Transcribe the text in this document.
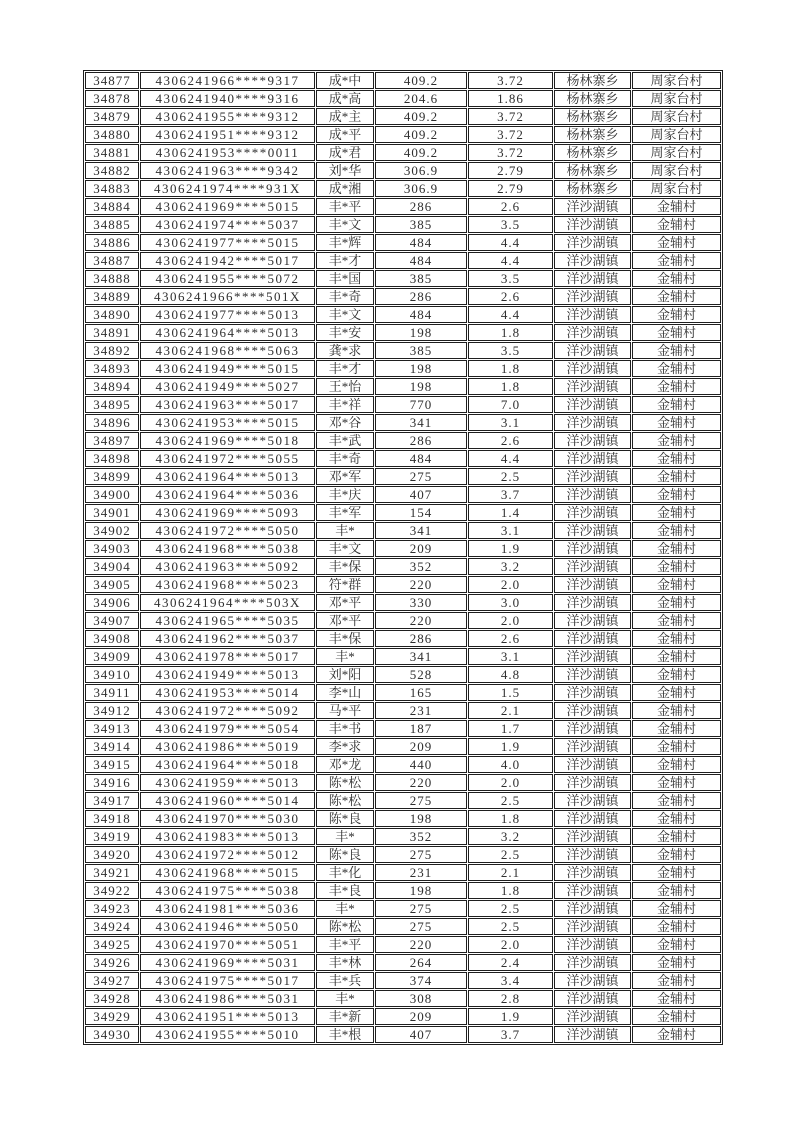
34877	4306241966****9317	成*中	409.2	3.72	杨林寨乡	周家台村
34878	4306241940****9316	成*高	204.6	1.86	杨林寨乡	周家台村
34879	4306241955****9312	成*主	409.2	3.72	杨林寨乡	周家台村
34880	4306241951****9312	成*平	409.2	3.72	杨林寨乡	周家台村
34881	4306241953****0011	成*君	409.2	3.72	杨林寨乡	周家台村
34882	4306241963****9342	刘*华	306.9	2.79	杨林寨乡	周家台村
34883	4306241974****931X	成*湘	306.9	2.79	杨林寨乡	周家台村
34884	4306241969****5015	丰*平	286	2.6	洋沙湖镇	金辅村
34885	4306241974****5037	丰*文	385	3.5	洋沙湖镇	金辅村
34886	4306241977****5015	丰*辉	484	4.4	洋沙湖镇	金辅村
34887	4306241942****5017	丰*才	484	4.4	洋沙湖镇	金辅村
34888	4306241955****5072	丰*国	385	3.5	洋沙湖镇	金辅村
34889	4306241966****501X	丰*奇	286	2.6	洋沙湖镇	金辅村
34890	4306241977****5013	丰*文	484	4.4	洋沙湖镇	金辅村
34891	4306241964****5013	丰*安	198	1.8	洋沙湖镇	金辅村
34892	4306241968****5063	龚*求	385	3.5	洋沙湖镇	金辅村
34893	4306241949****5015	丰*才	198	1.8	洋沙湖镇	金辅村
34894	4306241949****5027	王*怡	198	1.8	洋沙湖镇	金辅村
34895	4306241963****5017	丰*祥	770	7.0	洋沙湖镇	金辅村
34896	4306241953****5015	邓*谷	341	3.1	洋沙湖镇	金辅村
34897	4306241969****5018	丰*武	286	2.6	洋沙湖镇	金辅村
34898	4306241972****5055	丰*奇	484	4.4	洋沙湖镇	金辅村
34899	4306241964****5013	邓*军	275	2.5	洋沙湖镇	金辅村
34900	4306241964****5036	丰*庆	407	3.7	洋沙湖镇	金辅村
34901	4306241969****5093	丰*军	154	1.4	洋沙湖镇	金辅村
34902	4306241972****5050	丰*	341	3.1	洋沙湖镇	金辅村
34903	4306241968****5038	丰*文	209	1.9	洋沙湖镇	金辅村
34904	4306241963****5092	丰*保	352	3.2	洋沙湖镇	金辅村
34905	4306241968****5023	符*群	220	2.0	洋沙湖镇	金辅村
34906	4306241964****503X	邓*平	330	3.0	洋沙湖镇	金辅村
34907	4306241965****5035	邓*平	220	2.0	洋沙湖镇	金辅村
34908	4306241962****5037	丰*保	286	2.6	洋沙湖镇	金辅村
34909	4306241978****5017	丰*	341	3.1	洋沙湖镇	金辅村
34910	4306241949****5013	刘*阳	528	4.8	洋沙湖镇	金辅村
34911	4306241953****5014	李*山	165	1.5	洋沙湖镇	金辅村
34912	4306241972****5092	马*平	231	2.1	洋沙湖镇	金辅村
34913	4306241979****5054	丰*书	187	1.7	洋沙湖镇	金辅村
34914	4306241986****5019	李*求	209	1.9	洋沙湖镇	金辅村
34915	4306241964****5018	邓*龙	440	4.0	洋沙湖镇	金辅村
34916	4306241959****5013	陈*松	220	2.0	洋沙湖镇	金辅村
34917	4306241960****5014	陈*松	275	2.5	洋沙湖镇	金辅村
34918	4306241970****5030	陈*良	198	1.8	洋沙湖镇	金辅村
34919	4306241983****5013	丰*	352	3.2	洋沙湖镇	金辅村
34920	4306241972****5012	陈*良	275	2.5	洋沙湖镇	金辅村
34921	4306241968****5015	丰*化	231	2.1	洋沙湖镇	金辅村
34922	4306241975****5038	丰*良	198	1.8	洋沙湖镇	金辅村
34923	4306241981****5036	丰*	275	2.5	洋沙湖镇	金辅村
34924	4306241946****5050	陈*松	275	2.5	洋沙湖镇	金辅村
34925	4306241970****5051	丰*平	220	2.0	洋沙湖镇	金辅村
34926	4306241969****5031	丰*林	264	2.4	洋沙湖镇	金辅村
34927	4306241975****5017	丰*兵	374	3.4	洋沙湖镇	金辅村
34928	4306241986****5031	丰*	308	2.8	洋沙湖镇	金辅村
34929	4306241951****5013	丰*新	209	1.9	洋沙湖镇	金辅村
34930	4306241955****5010	丰*根	407	3.7	洋沙湖镇	金辅村
